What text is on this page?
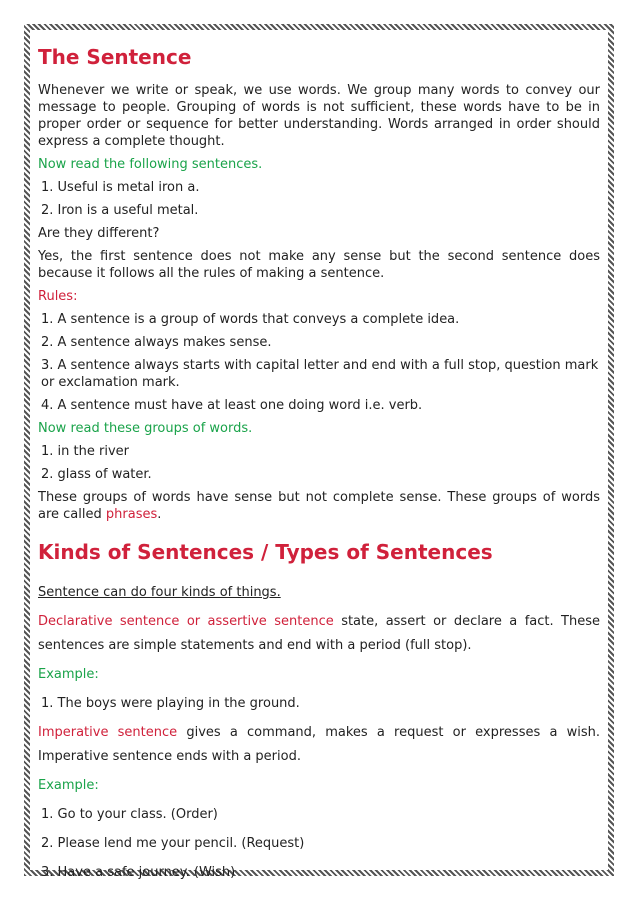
The Sentence

Whenever we write or speak, we use words. We group many words to convey our message to people. Grouping of words is not sufficient, these words have to be in proper order or sequence for better understanding. Words arranged in order should express a complete thought.

Now read the following sentences.

1. Useful is metal iron a.
2. Iron is a useful metal.

Are they different?

Yes, the first sentence does not make any sense but the second sentence does because it follows all the rules of making a sentence.

Rules:

1. A sentence is a group of words that conveys a complete idea.
2. A sentence always makes sense.
3. A sentence always starts with capital letter and end with a full stop, question mark or exclamation mark.
4. A sentence must have at least one doing word i.e. verb.

Now read these groups of words.

1. in the river
2. glass of water.

These groups of words have sense but not complete sense. These groups of words are called phrases.

Kinds of Sentences / Types of Sentences

Sentence can do four kinds of things.

Declarative sentence or assertive sentence state, assert or declare a fact. These sentences are simple statements and end with a period (full stop).

Example:

1. The boys were playing in the ground.

Imperative sentence gives a command, makes a request or expresses a wish. Imperative sentence ends with a period.

Example:

1. Go to your class. (Order)
2. Please lend me your pencil. (Request)
3. Have a safe journey. (Wish)
